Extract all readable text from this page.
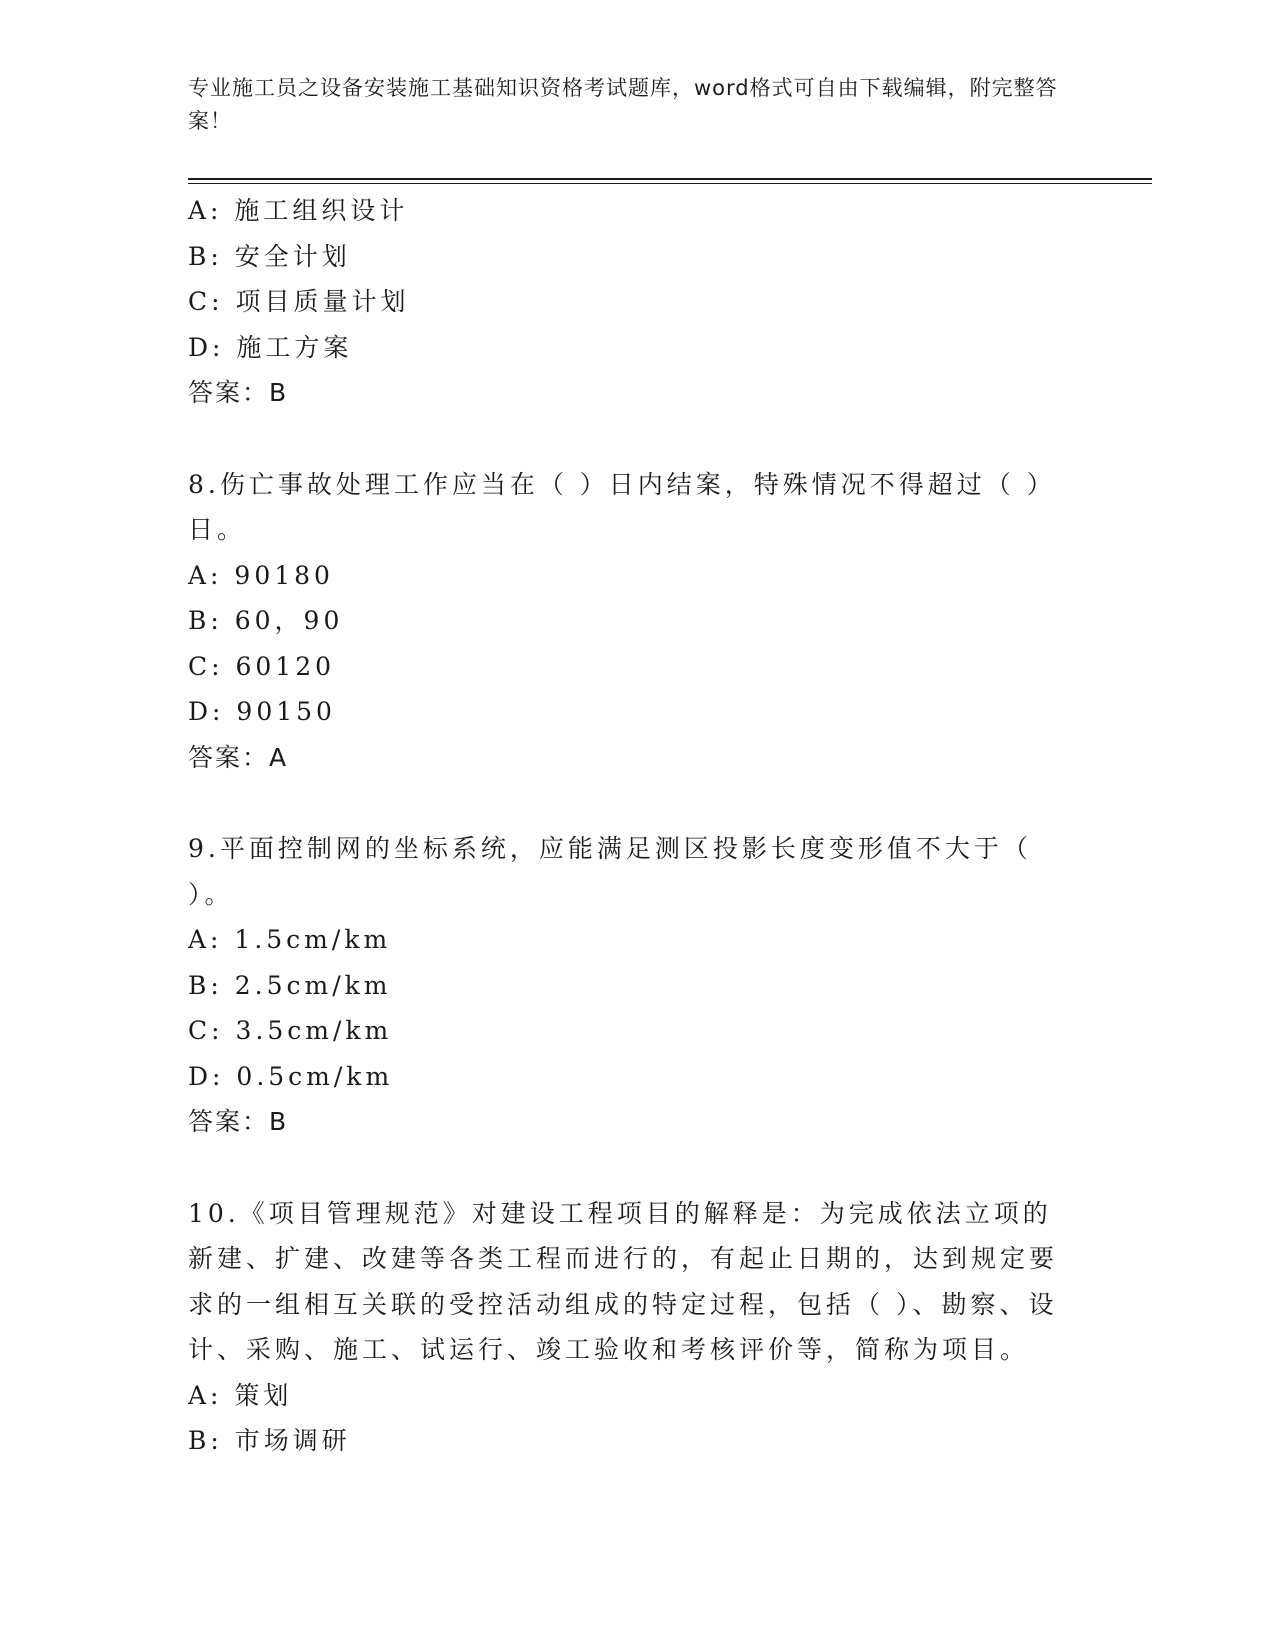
专业施工员之设备安装施工基础知识资格考试题库，word格式可自由下载编辑，附完整答案！
A: 施工组织设计
B: 安全计划
C: 项目质量计划
D: 施工方案
答案：B
8.伤亡事故处理工作应当在（ ）日内结案，特殊情况不得超过（ ）日。
A: 90180
B: 60，90
C: 60120
D: 90150
答案：A
9.平面控制网的坐标系统，应能满足测区投影长度变形值不大于（ ）。
A: 1.5cm/km
B: 2.5cm/km
C: 3.5cm/km
D: 0.5cm/km
答案：B
10.《项目管理规范》对建设工程项目的解释是：为完成依法立项的新建、扩建、改建等各类工程而进行的，有起止日期的，达到规定要求的一组相互关联的受控活动组成的特定过程，包括（ ）、勘察、设计、采购、施工、试运行、竣工验收和考核评价等，简称为项目。
A: 策划
B: 市场调研
